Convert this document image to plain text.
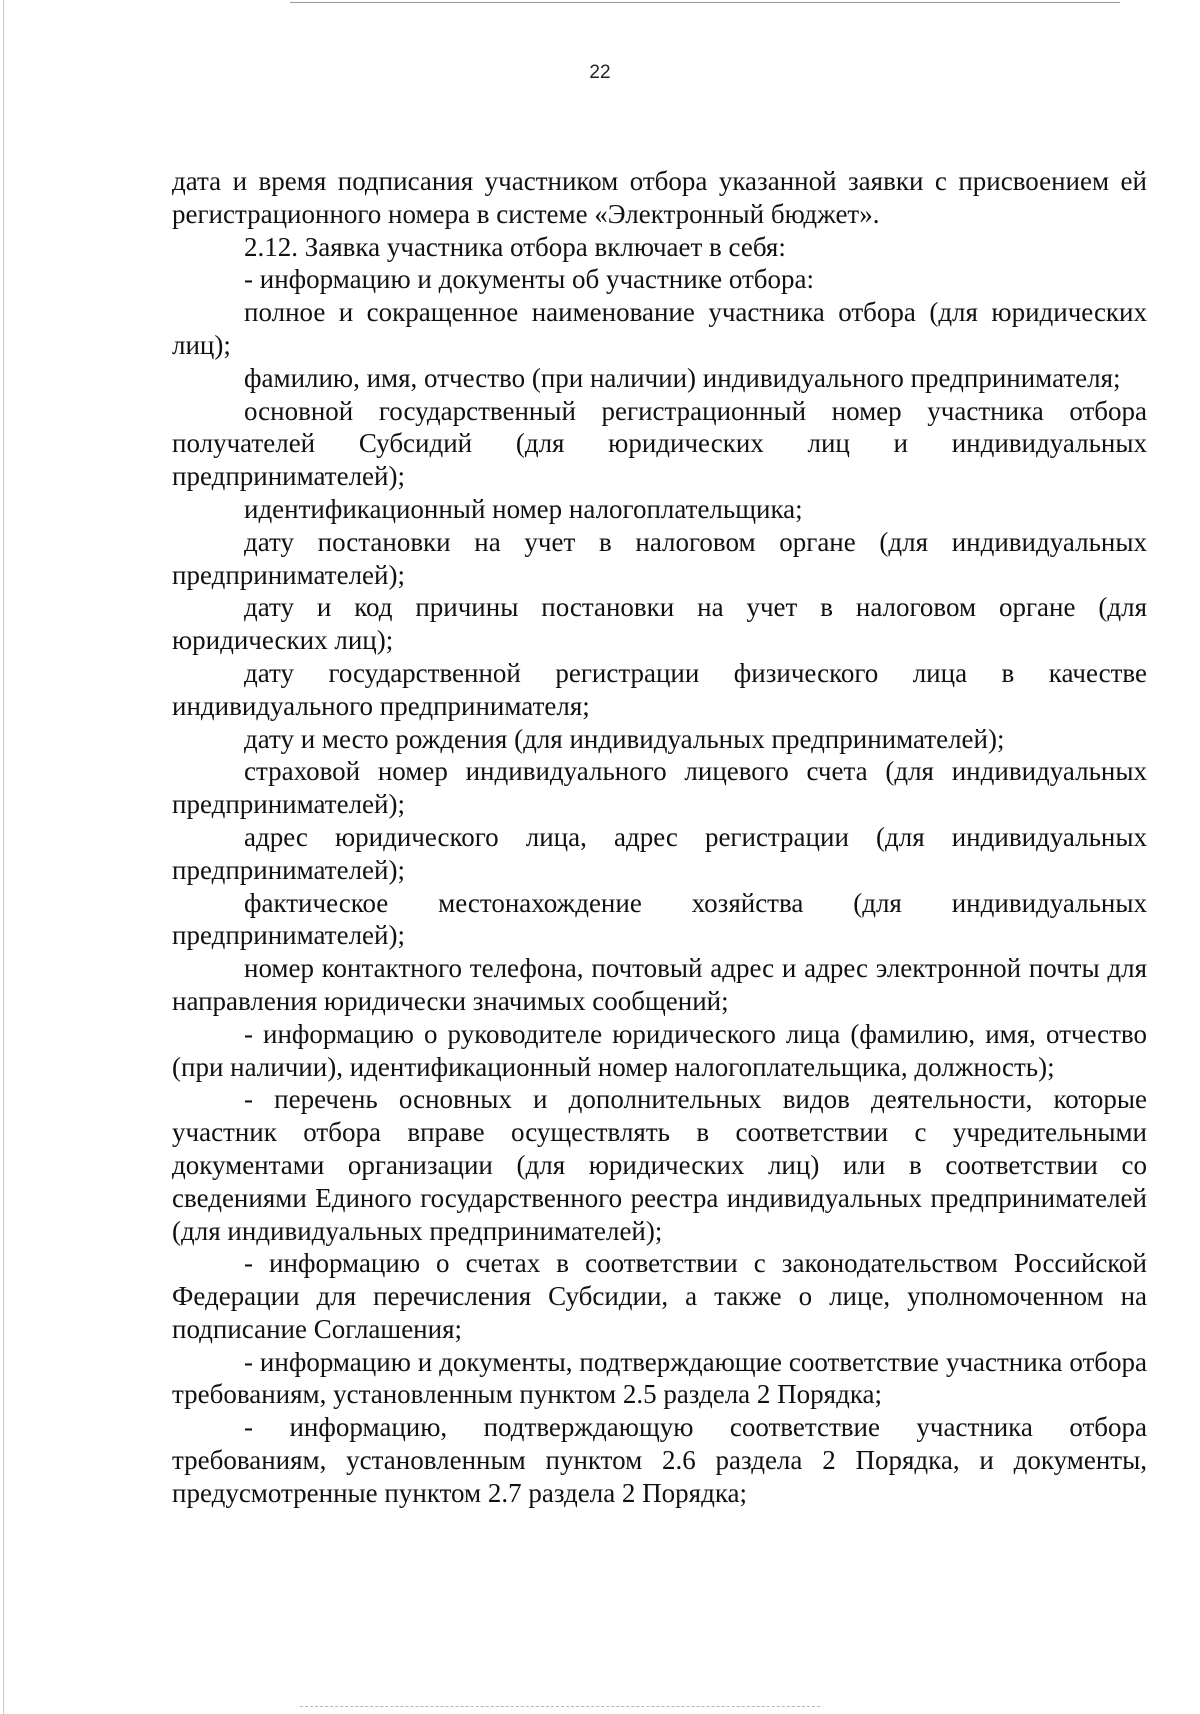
22

дата и время подписания участником отбора указанной заявки с присвоением ей регистрационного номера в системе «Электронный бюджет».

2.12. Заявка участника отбора включает в себя:

- информацию и документы об участнике отбора:

полное и сокращенное наименование участника отбора (для юридических лиц);

фамилию, имя, отчество (при наличии) индивидуального предпринимателя;

основной государственный регистрационный номер участника отбора получателей Субсидий (для юридических лиц и индивидуальных предпринимателей);

идентификационный номер налогоплательщика;

дату постановки на учет в налоговом органе (для индивидуальных предпринимателей);

дату и код причины постановки на учет в налоговом органе (для юридических лиц);

дату государственной регистрации физического лица в качестве индивидуального предпринимателя;

дату и место рождения (для индивидуальных предпринимателей);

страховой номер индивидуального лицевого счета (для индивидуальных предпринимателей);

адрес юридического лица, адрес регистрации (для индивидуальных предпринимателей);

фактическое местонахождение хозяйства (для индивидуальных предпринимателей);

номер контактного телефона, почтовый адрес и адрес электронной почты для направления юридически значимых сообщений;

- информацию о руководителе юридического лица (фамилию, имя, отчество (при наличии), идентификационный номер налогоплательщика, должность);

- перечень основных и дополнительных видов деятельности, которые участник отбора вправе осуществлять в соответствии с учредительными документами организации (для юридических лиц) или в соответствии со сведениями Единого государственного реестра индивидуальных предпринимателей (для индивидуальных предпринимателей);

- информацию о счетах в соответствии с законодательством Российской Федерации для перечисления Субсидии, а также о лице, уполномоченном на подписание Соглашения;

- информацию и документы, подтверждающие соответствие участника отбора требованиям, установленным пунктом 2.5 раздела 2 Порядка;

- информацию, подтверждающую соответствие участника отбора требованиям, установленным пунктом 2.6 раздела 2 Порядка, и документы, предусмотренные пунктом 2.7 раздела 2 Порядка;
